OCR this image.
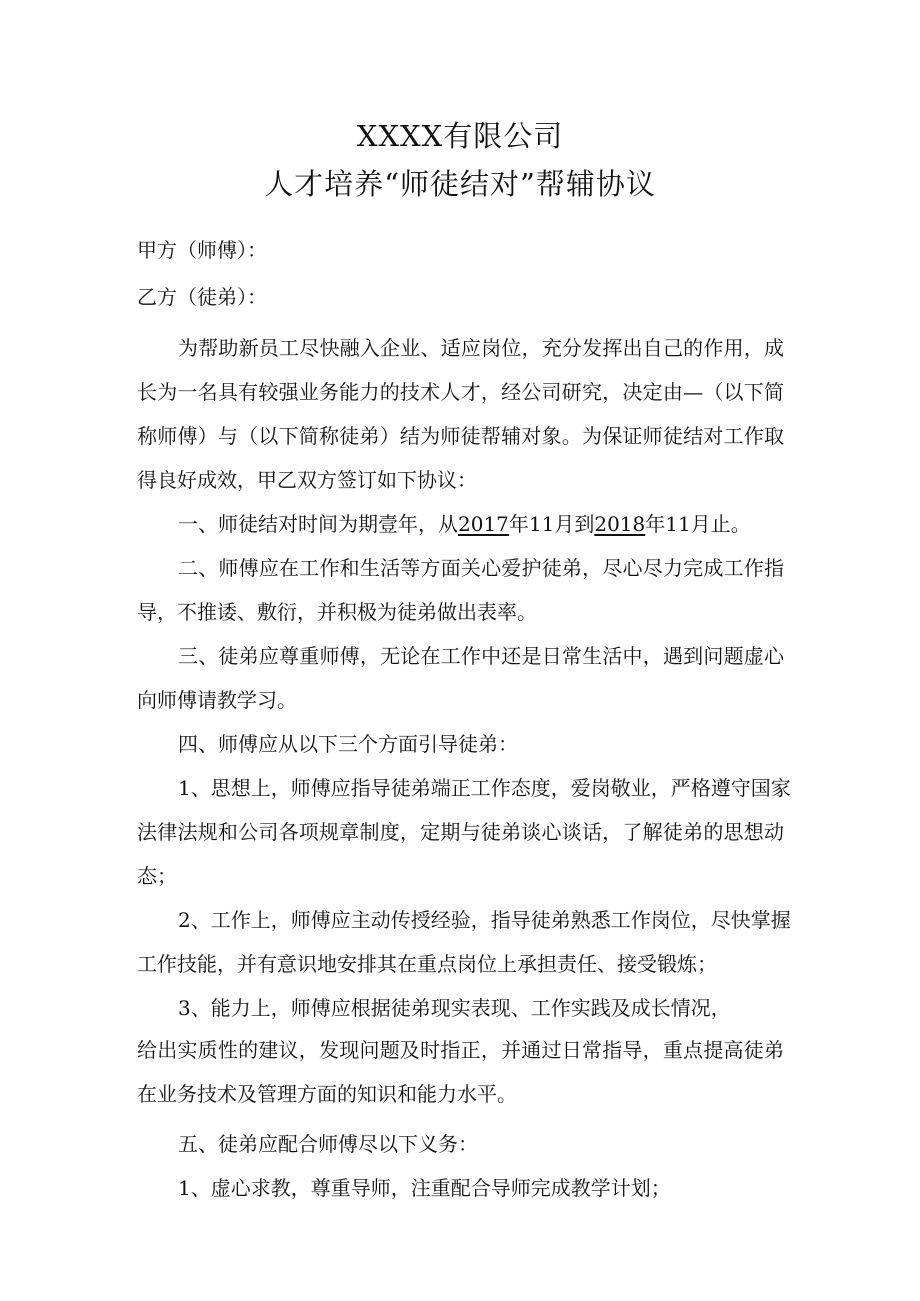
XXXX有限公司
人才培养“师徒结对”帮辅协议
甲方（师傅）：
乙方（徒弟）：
为帮助新员工尽快融入企业、适应岗位，充分发挥出自己的作用，成
长为一名具有较强业务能力的技术人才，经公司研究，决定由—（以下简
称师傅）与（以下简称徒弟）结为师徒帮辅对象。为保证师徒结对工作取
得良好成效，甲乙双方签订如下协议：
一、师徒结对时间为期壹年，从2017年11月到2018年11月止。
二、师傅应在工作和生活等方面关心爱护徒弟，尽心尽力完成工作指
导，不推诿、敷衍，并积极为徒弟做出表率。
三、徒弟应尊重师傅，无论在工作中还是日常生活中，遇到问题虚心
向师傅请教学习。
四、师傅应从以下三个方面引导徒弟：
1、思想上，师傅应指导徒弟端正工作态度，爱岗敬业，严格遵守国家
法律法规和公司各项规章制度，定期与徒弟谈心谈话，了解徒弟的思想动
态；
2、工作上，师傅应主动传授经验，指导徒弟熟悉工作岗位，尽快掌握
工作技能，并有意识地安排其在重点岗位上承担责任、接受锻炼；
3、能力上，师傅应根据徒弟现实表现、工作实践及成长情况，
给出实质性的建议，发现问题及时指正，并通过日常指导，重点提高徒弟
在业务技术及管理方面的知识和能力水平。
五、徒弟应配合师傅尽以下义务：
1、虚心求教，尊重导师，注重配合导师完成教学计划；
